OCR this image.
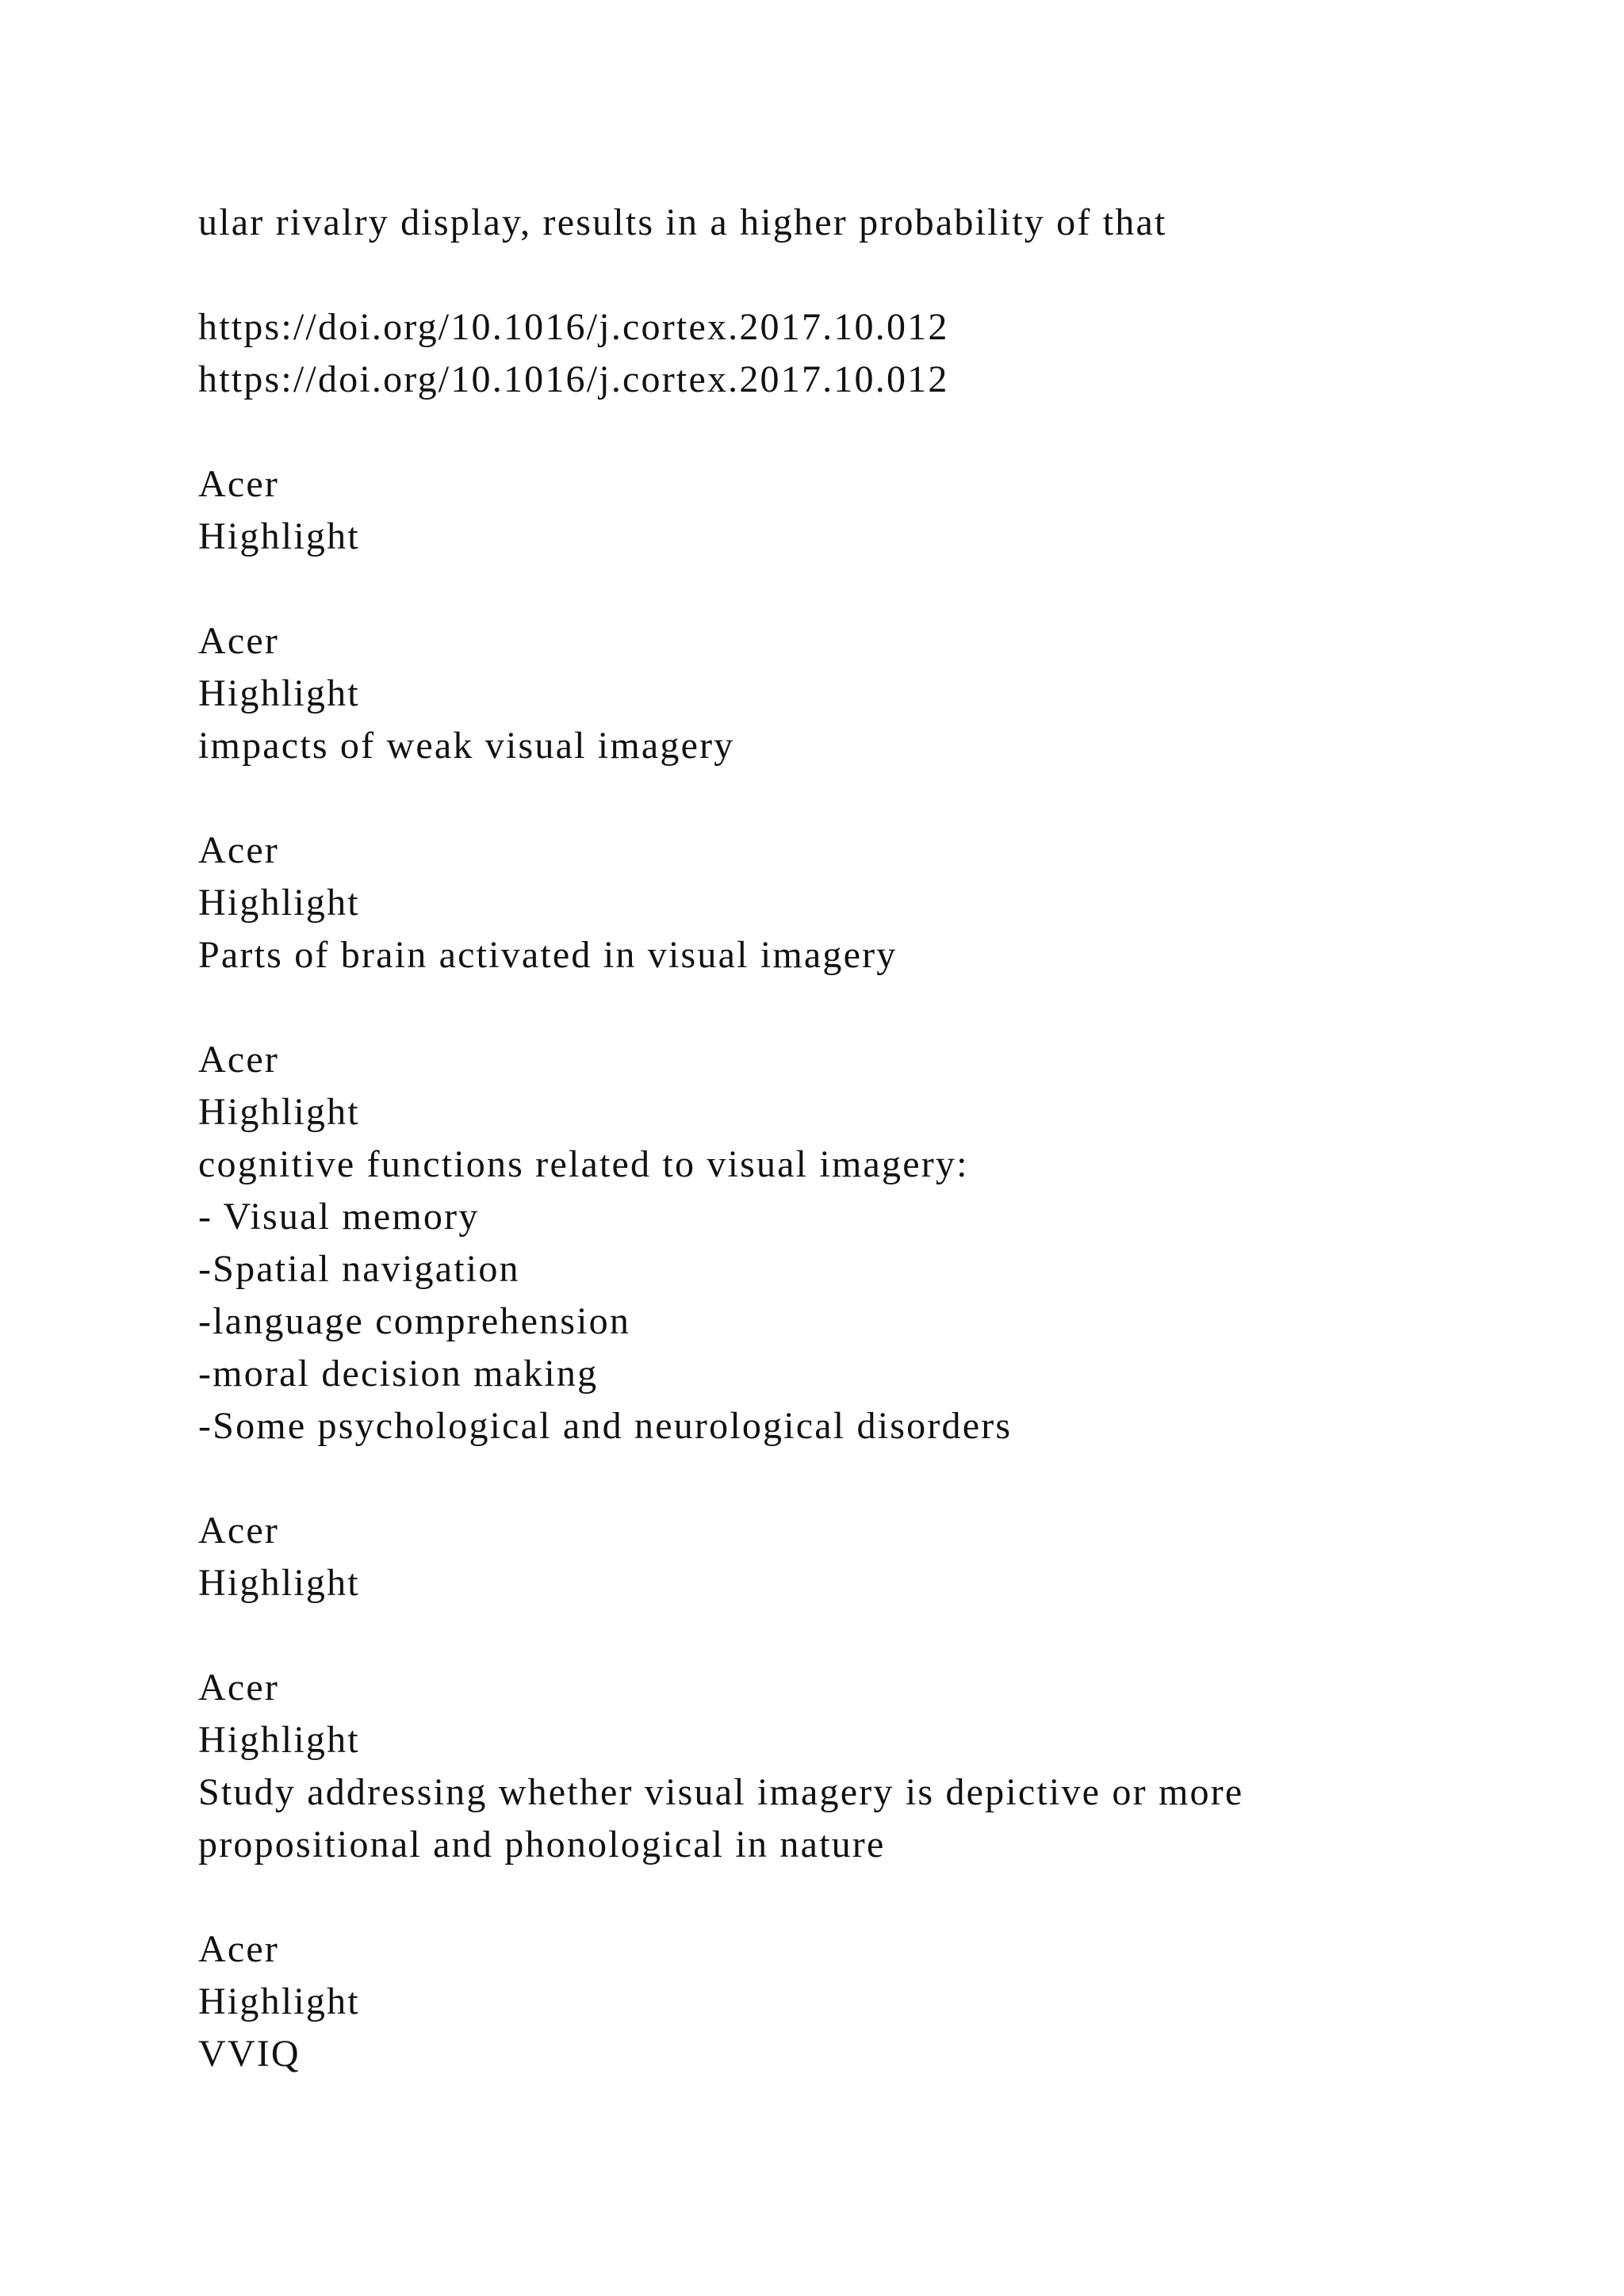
ular rivalry display, results in a higher probability of that
https://doi.org/10.1016/j.cortex.2017.10.012
https://doi.org/10.1016/j.cortex.2017.10.012
Acer
Highlight
Acer
Highlight
impacts of weak visual imagery
Acer
Highlight
Parts of brain activated in visual imagery
Acer
Highlight
cognitive functions related to visual imagery:
- Visual memory
-Spatial navigation
-language comprehension
-moral decision making
-Some psychological and neurological disorders
Acer
Highlight
Acer
Highlight
Study addressing whether visual imagery is depictive or more
propositional and phonological in nature
Acer
Highlight
VVIQ
